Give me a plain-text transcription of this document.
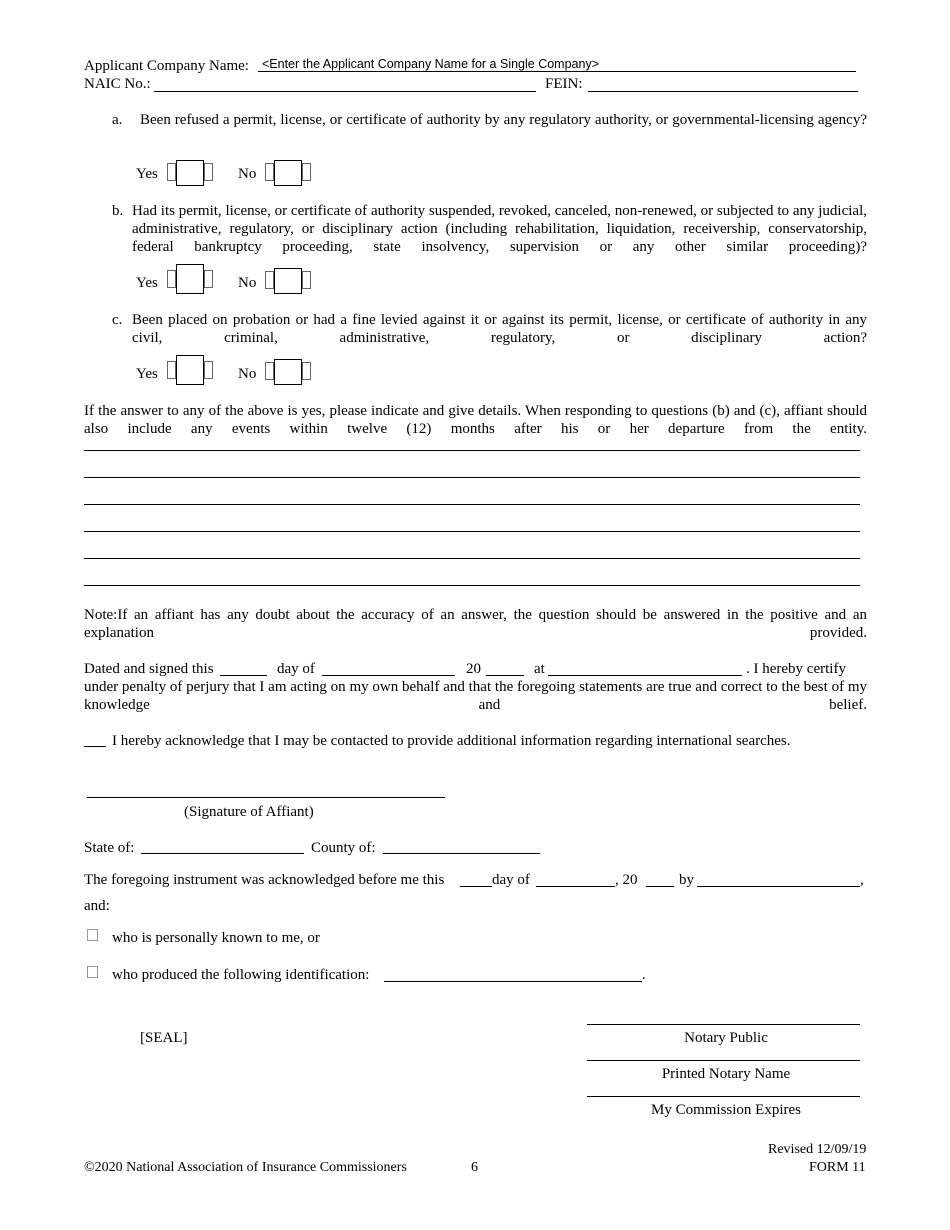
Applicant Company Name: <Enter the Applicant Company Name for a Single Company>
NAIC No.:	FEIN:
a. Been refused a permit, license, or certificate of authority by any regulatory authority, or governmental-licensing agency?
Yes	No
b. Had its permit, license, or certificate of authority suspended, revoked, canceled, non-renewed, or subjected to any judicial, administrative, regulatory, or disciplinary action (including rehabilitation, liquidation, receivership, conservatorship, federal bankruptcy proceeding, state insolvency, supervision or any other similar proceeding)?
Yes	No
c. Been placed on probation or had a fine levied against it or against its permit, license, or certificate of authority in any civil, criminal, administrative, regulatory, or disciplinary action?
Yes	No
If the answer to any of the above is yes, please indicate and give details. When responding to questions (b) and (c), affiant should also include any events within twelve (12) months after his or her departure from the entity.
Note:If an affiant has any doubt about the accuracy of an answer, the question should be answered in the positive and an explanation provided.
Dated and signed this	day of	20	at	. I hereby certify
under penalty of perjury that I am acting on my own behalf and that the foregoing statements are true and correct to the best of my knowledge and belief.
I hereby acknowledge that I may be contacted to provide additional information regarding international searches.
(Signature of Affiant)
State of:	County of:
The foregoing instrument was acknowledged before me this	day of	, 20	by	,
and:
who is personally known to me, or
who produced the following identification:	.
[SEAL]	Notary Public
Printed Notary Name
My Commission Expires
Revised 12/09/19
©2020 National Association of Insurance Commissioners	6	FORM 11
